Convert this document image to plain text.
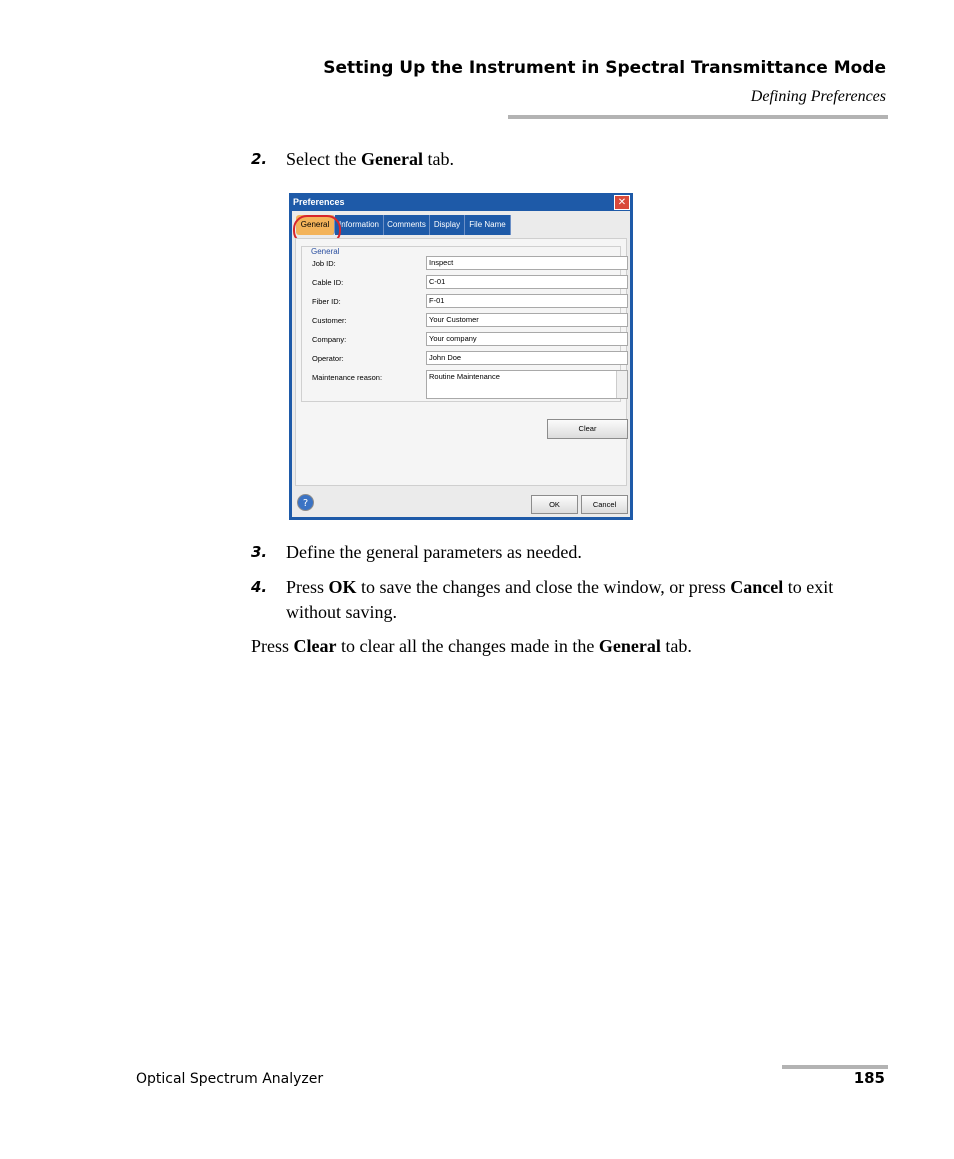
Setting Up the Instrument in Spectral Transmittance Mode
Defining Preferences
2. Select the General tab.
Preferences	✕
General	Information	Comments	Display	File Name
General
Job ID:	Inspect
Cable ID:	C-01
Fiber ID:	F-01
Customer:	Your Customer
Company:	Your company
Operator:	John Doe
Maintenance reason:	Routine Maintenance
Clear
?	OK	Cancel
3. Define the general parameters as needed.
4. Press OK to save the changes and close the window, or press Cancel to exit without saving.
Press Clear to clear all the changes made in the General tab.
Optical Spectrum Analyzer	185
